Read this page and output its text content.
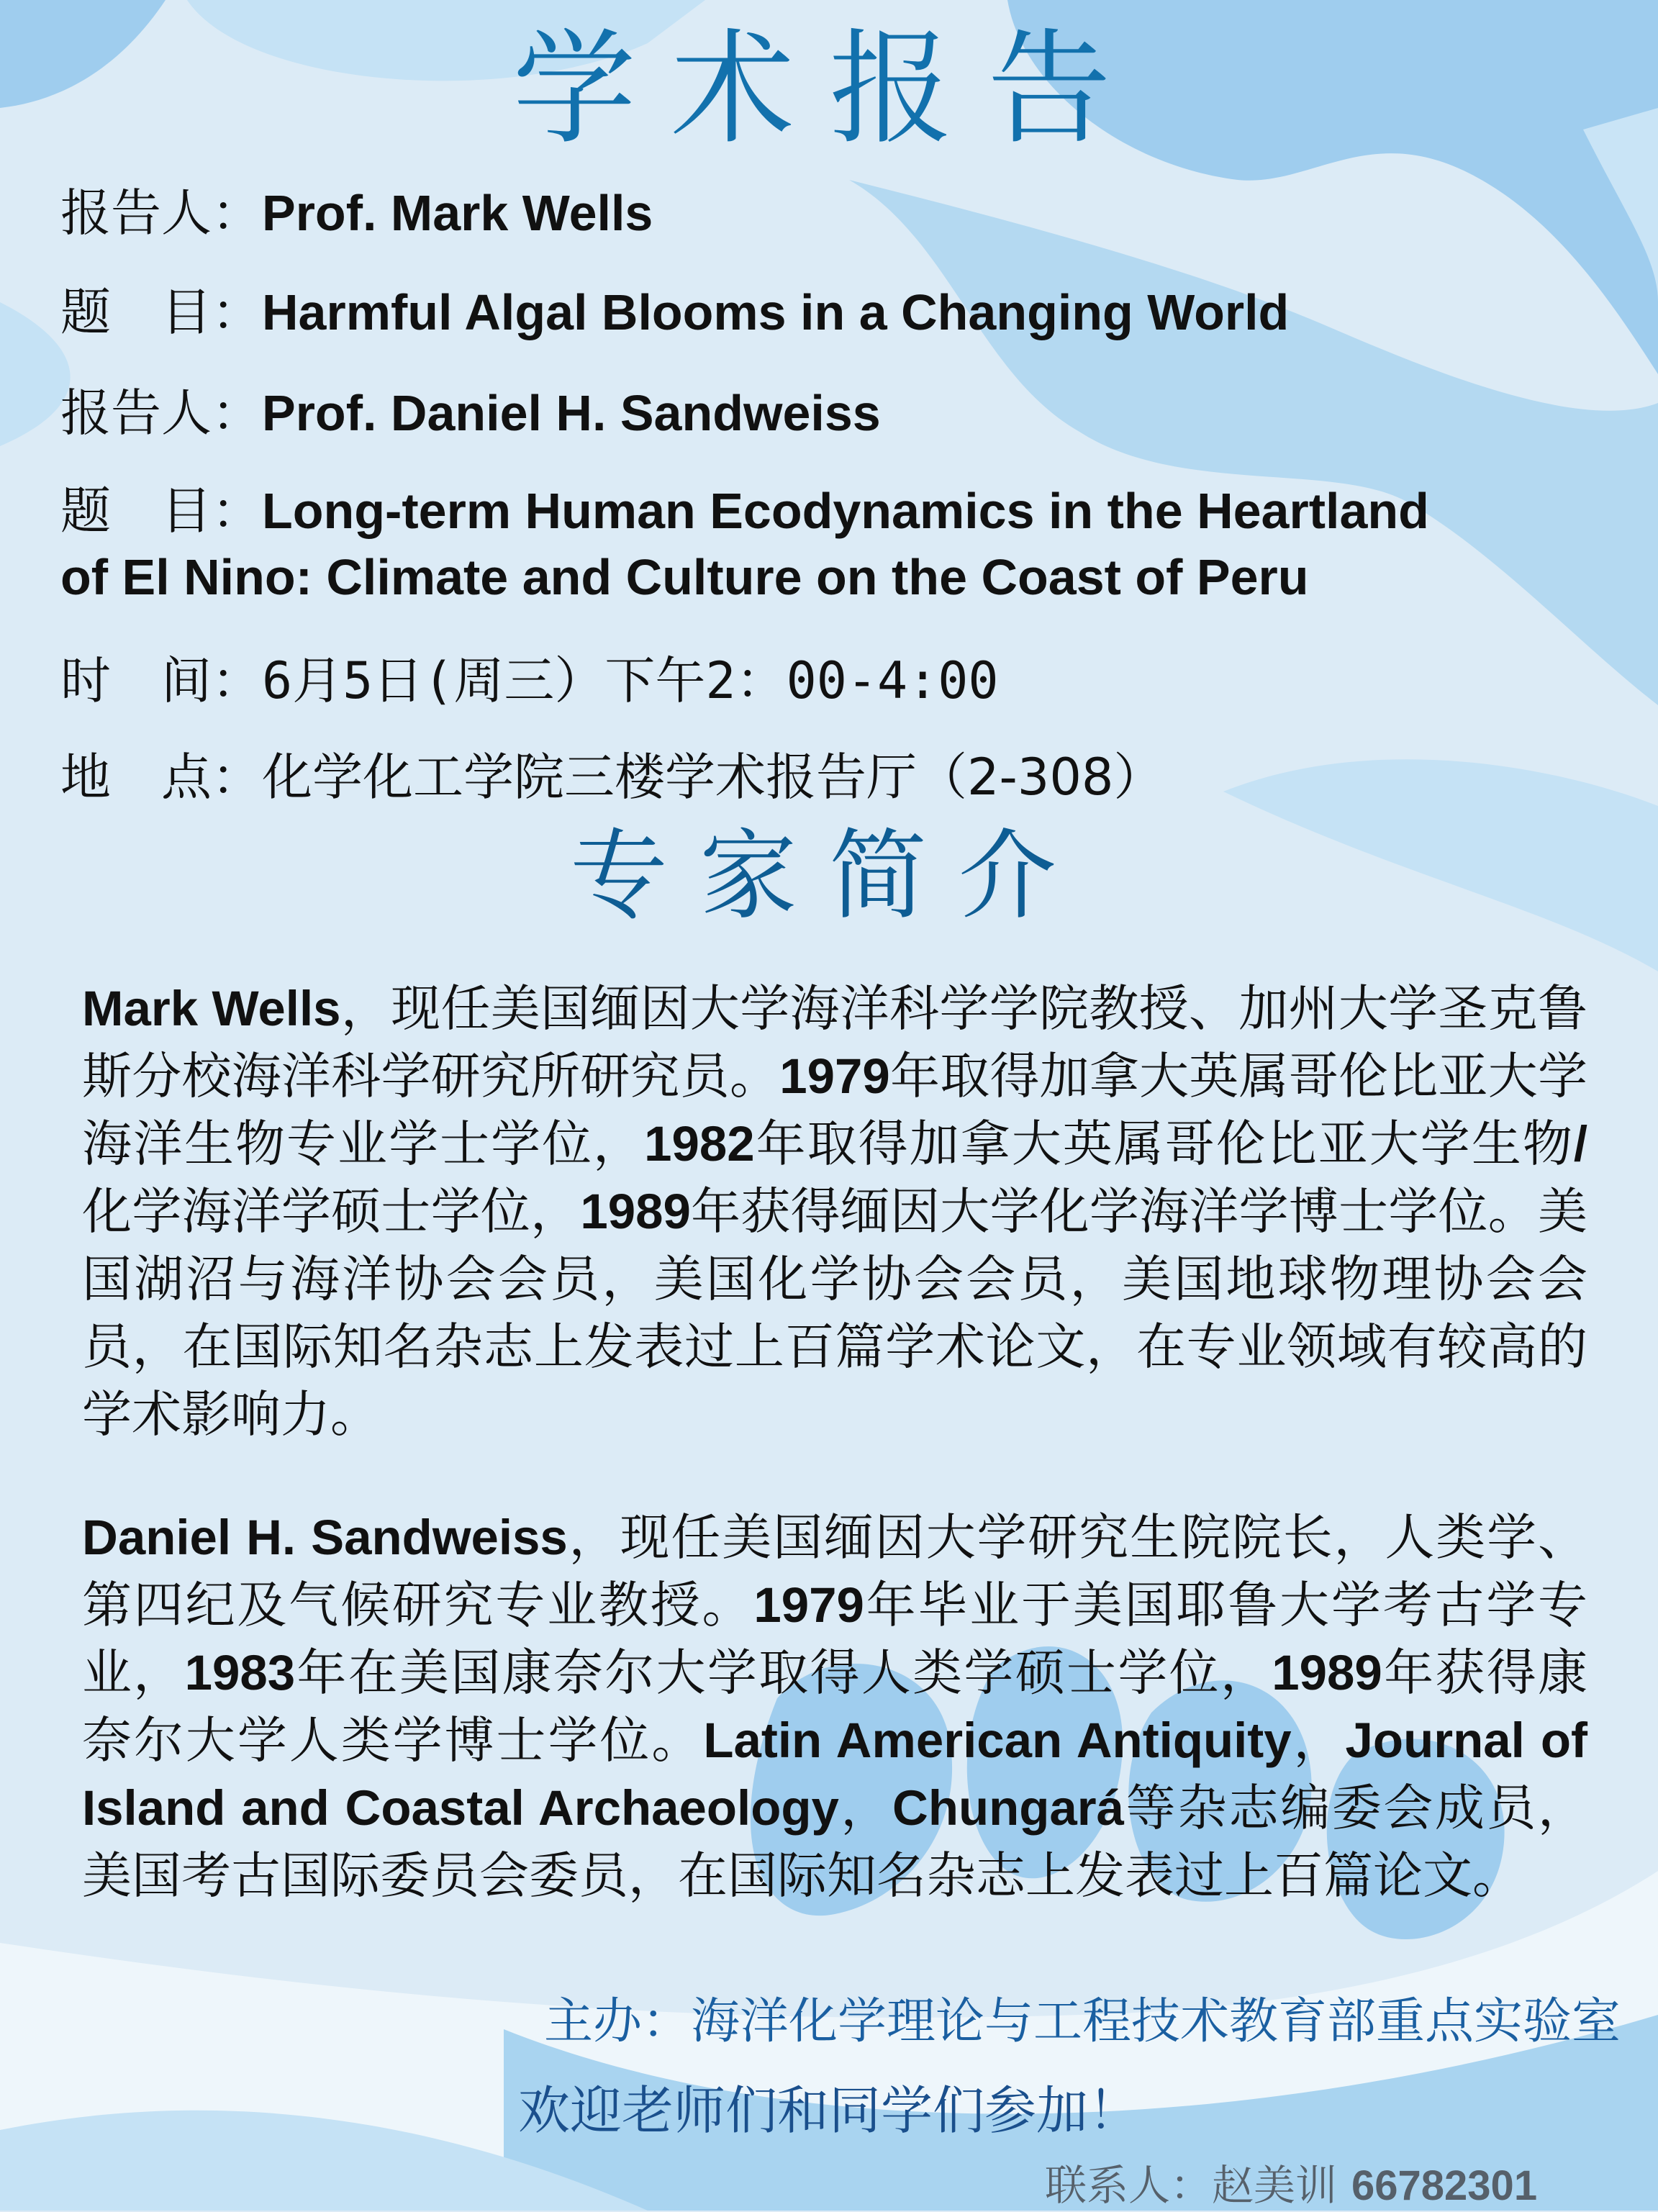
学术报告
报告人：Prof. Mark Wells
题　目：Harmful Algal Blooms in a Changing World
报告人：Prof. Daniel H. Sandweiss
题　目：Long-term Human Ecodynamics in the Heartland
of El Nino: Climate and Culture on the Coast of Peru
时　间：6月5日(周三）下午2：00-4:00
地　点：化学化工学院三楼学术报告厅（2-308）
专家简介
Mark Wells，现任美国缅因大学海洋科学学院教授、加州大学圣克鲁斯分校海洋科学研究所研究员。1979年取得加拿大英属哥伦比亚大学海洋生物专业学士学位，1982年取得加拿大英属哥伦比亚大学生物/化学海洋学硕士学位，1989年获得缅因大学化学海洋学博士学位。美国湖沼与海洋协会会员，美国化学协会会员，美国地球物理协会会员，在国际知名杂志上发表过上百篇学术论文，在专业领域有较高的学术影响力。
Daniel H. Sandweiss，现任美国缅因大学研究生院院长，人类学、第四纪及气候研究专业教授。1979年毕业于美国耶鲁大学考古学专业，1983年在美国康奈尔大学取得人类学硕士学位，1989年获得康奈尔大学人类学博士学位。Latin American Antiquity，Journal of Island and Coastal Archaeology，Chungará等杂志编委会成员，美国考古国际委员会委员，在国际知名杂志上发表过上百篇论文。
主办：海洋化学理论与工程技术教育部重点实验室
欢迎老师们和同学们参加！
联系人：赵美训 66782301
